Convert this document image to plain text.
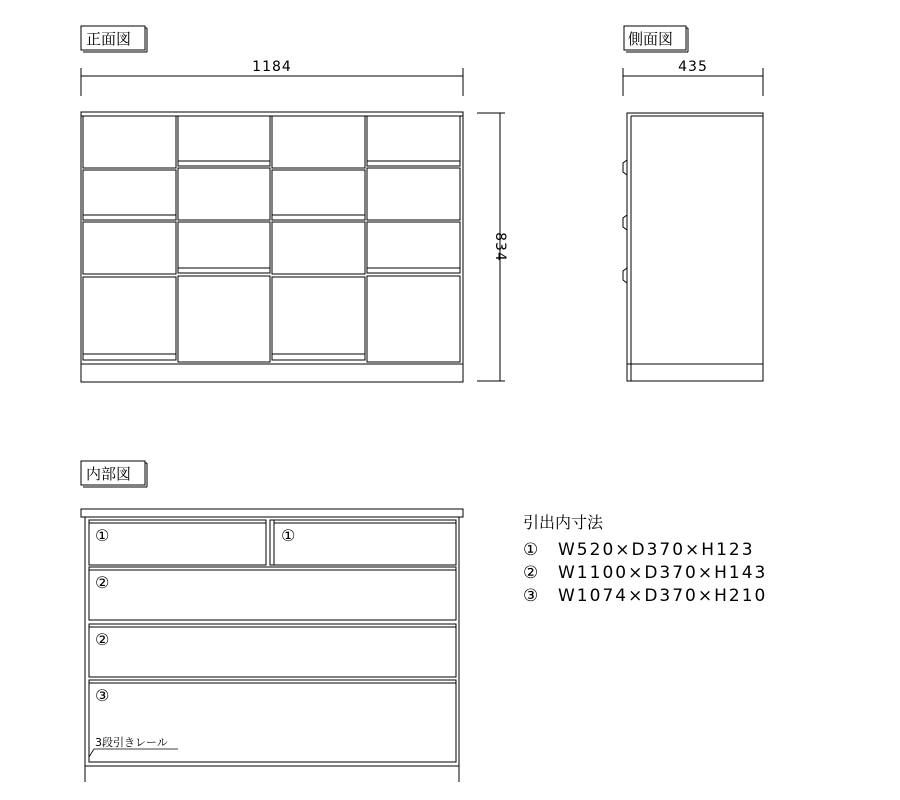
正面図
1184
834
側面図
435
内部図
①	①
②
②
③
3段引きレール
引出内寸法
① W520×D370×H123
② W1100×D370×H143
③ W1074×D370×H210
